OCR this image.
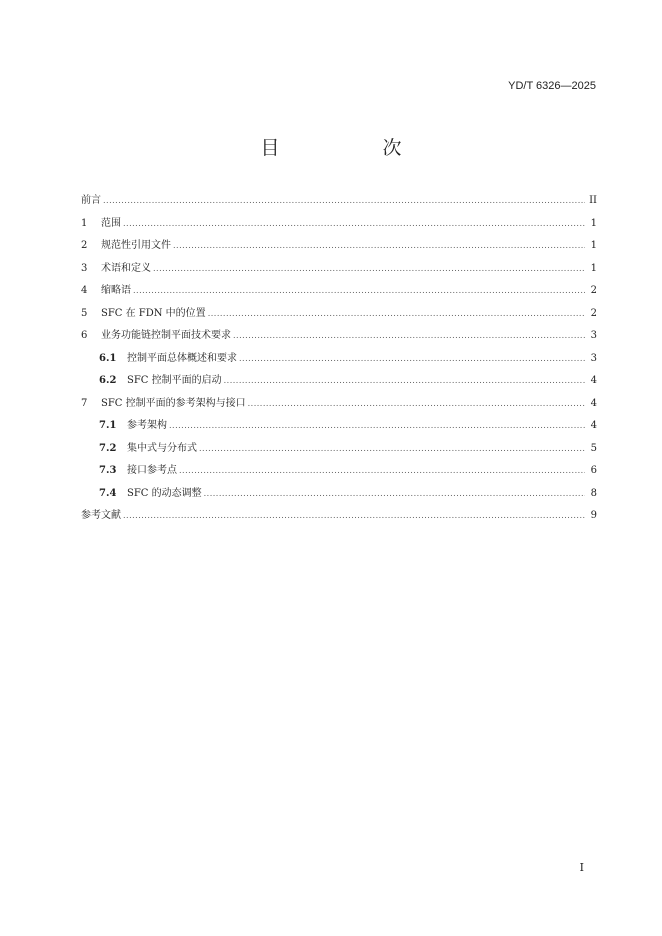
YD/T 6326—2025
目　次
前言 .....	II
1	范围 .....	1
2	规范性引用文件 .....	1
3	术语和定义 .....	1
4	缩略语 .....	2
5	SFC 在 FDN 中的位置 .....	2
6	业务功能链控制平面技术要求 .....	3
6.1 控制平面总体概述和要求 .....	3
6.2 SFC 控制平面的启动 .....	4
7	SFC 控制平面的参考架构与接口 .....	4
7.1 参考架构 .....	4
7.2 集中式与分布式 .....	5
7.3 接口参考点 .....	6
7.4 SFC 的动态调整 .....	8
参考文献 .....	9
I
